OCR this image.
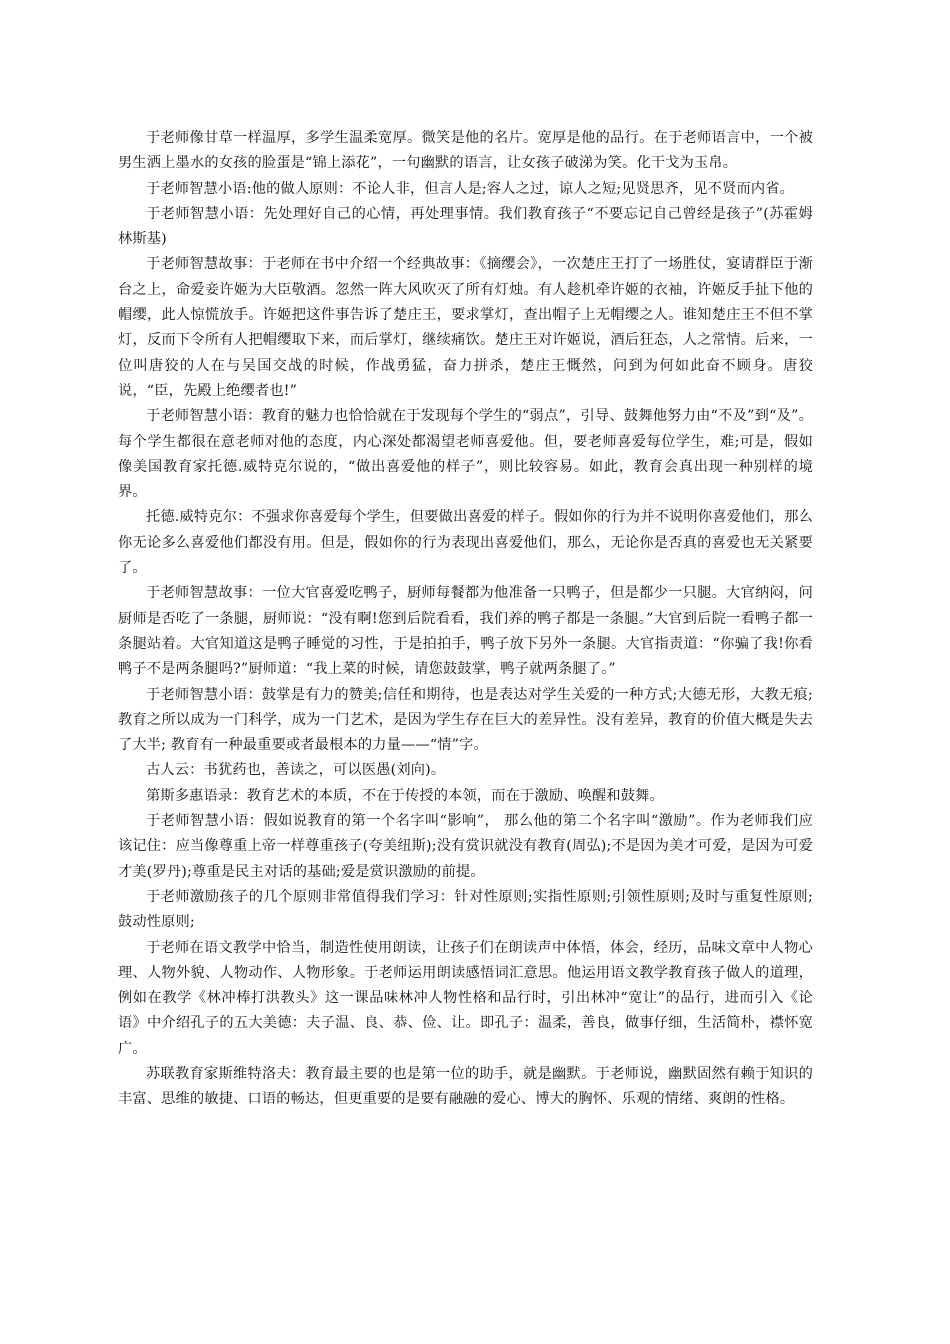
于老师像甘草一样温厚，多学生温柔宽厚。微笑是他的名片。宽厚是他的品行。在于老师语言中，一个被男生洒上墨水的女孩的脸蛋是“锦上添花”，一句幽默的语言，让女孩子破涕为笑。化干戈为玉帛。

于老师智慧小语:他的做人原则：不论人非，但言人是;容人之过，谅人之短;见贤思齐，见不贤而内省。

于老师智慧小语：先处理好自己的心情，再处理事情。我们教育孩子“不要忘记自己曾经是孩子”(苏霍姆林斯基)

于老师智慧故事：于老师在书中介绍一个经典故事：《摘缨会》，一次楚庄王打了一场胜仗，宴请群臣于渐台之上，命爱妾许姬为大臣敬酒。忽然一阵大风吹灭了所有灯烛。有人趁机牵许姬的衣袖，许姬反手扯下他的帽缨，此人惊慌放手。许姬把这件事告诉了楚庄王，要求掌灯，查出帽子上无帽缨之人。谁知楚庄王不但不掌灯，反而下令所有人把帽缨取下来，而后掌灯，继续痛饮。楚庄王对许姬说，酒后狂态，人之常情。后来，一位叫唐狡的人在与吴国交战的时候，作战勇猛，奋力拼杀，楚庄王慨然，问到为何如此奋不顾身。唐狡说，“臣，先殿上绝缨者也!”

于老师智慧小语：教育的魅力也恰恰就在于发现每个学生的“弱点”，引导、鼓舞他努力由“不及”到“及”。每个学生都很在意老师对他的态度，内心深处都渴望老师喜爱他。但，要老师喜爱每位学生，难;可是，假如像美国教育家托德.威特克尔说的，“做出喜爱他的样子”，则比较容易。如此，教育会真出现一种别样的境界。

托德.威特克尔：不强求你喜爱每个学生，但要做出喜爱的样子。假如你的行为并不说明你喜爱他们，那么你无论多么喜爱他们都没有用。但是，假如你的行为表现出喜爱他们，那么，无论你是否真的喜爱也无关紧要了。

于老师智慧故事：一位大官喜爱吃鸭子，厨师每餐都为他准备一只鸭子，但是都少一只腿。大官纳闷，问厨师是否吃了一条腿，厨师说：“没有啊!您到后院看看，我们养的鸭子都是一条腿。”大官到后院一看鸭子都一条腿站着。大官知道这是鸭子睡觉的习性，于是拍拍手，鸭子放下另外一条腿。大官指责道：“你骗了我!你看鸭子不是两条腿吗?”厨师道：“我上菜的时候，请您鼓鼓掌，鸭子就两条腿了。”

于老师智慧小语：鼓掌是有力的赞美;信任和期待，也是表达对学生关爱的一种方式;大德无形，大教无痕;教育之所以成为一门科学，成为一门艺术，是因为学生存在巨大的差异性。没有差异，教育的价值大概是失去了大半; 教育有一种最重要或者最根本的力量——“情”字。

古人云：书犹药也，善读之，可以医愚(刘向)。

第斯多惠语录：教育艺术的本质，不在于传授的本领，而在于激励、唤醒和鼓舞。

于老师智慧小语：假如说教育的第一个名字叫“影响”， 那么他的第二个名字叫“激励”。作为老师我们应该记住：应当像尊重上帝一样尊重孩子(夸美纽斯);没有赏识就没有教育(周弘);不是因为美才可爱，是因为可爱才美(罗丹);尊重是民主对话的基础;爱是赏识激励的前提。

于老师激励孩子的几个原则非常值得我们学习：针对性原则;实指性原则;引领性原则;及时与重复性原则;鼓动性原则;

于老师在语文教学中恰当，制造性使用朗读，让孩子们在朗读声中体悟，体会，经历，品味文章中人物心理、人物外貌、人物动作、人物形象。于老师运用朗读感悟词汇意思。他运用语文教学教育孩子做人的道理，例如在教学《林冲棒打洪教头》这一课品味林冲人物性格和品行时，引出林冲“宽让”的品行，进而引入《论语》中介绍孔子的五大美德：夫子温、良、恭、俭、让。即孔子：温柔，善良，做事仔细，生活简朴，襟怀宽广。

苏联教育家斯维特洛夫：教育最主要的也是第一位的助手，就是幽默。于老师说，幽默固然有赖于知识的丰富、思维的敏捷、口语的畅达，但更重要的是要有融融的爱心、博大的胸怀、乐观的情绪、爽朗的性格。
